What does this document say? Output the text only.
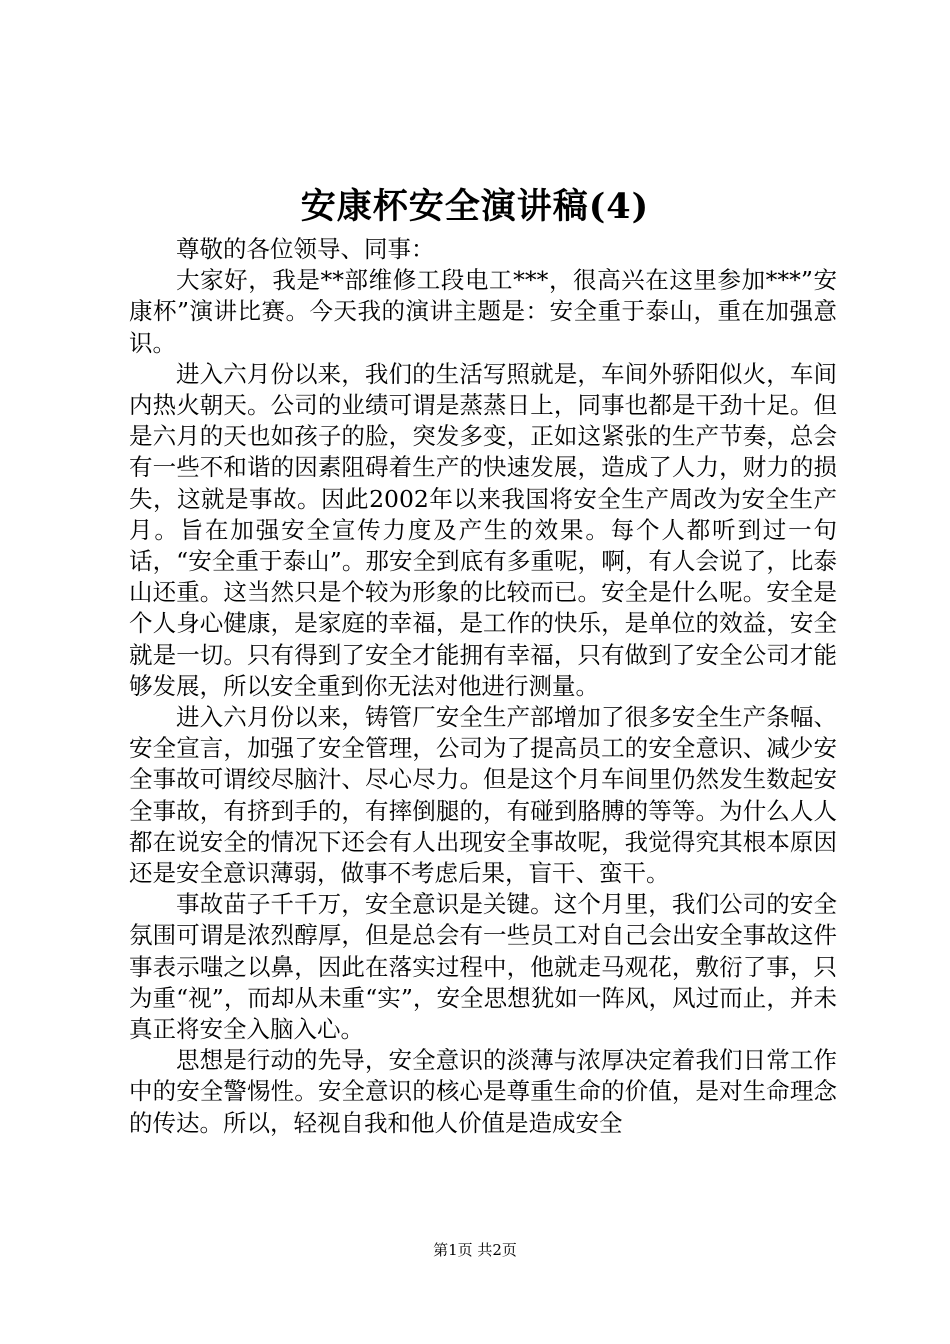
安康杯安全演讲稿(4)

尊敬的各位领导、同事：

大家好，我是**部维修工段电工***，很高兴在这里参加***”安康杯”演讲比赛。今天我的演讲主题是：安全重于泰山，重在加强意识。

进入六月份以来，我们的生活写照就是，车间外骄阳似火，车间内热火朝天。公司的业绩可谓是蒸蒸日上，同事也都是干劲十足。但是六月的天也如孩子的脸，突发多变，正如这紧张的生产节奏，总会有一些不和谐的因素阻碍着生产的快速发展，造成了人力，财力的损失，这就是事故。因此2002年以来我国将安全生产周改为安全生产月。旨在加强安全宣传力度及产生的效果。每个人都听到过一句话，“安全重于泰山”。那安全到底有多重呢，啊，有人会说了，比泰山还重。这当然只是个较为形象的比较而已。安全是什么呢。安全是个人身心健康，是家庭的幸福，是工作的快乐，是单位的效益，安全就是一切。只有得到了安全才能拥有幸福，只有做到了安全公司才能够发展，所以安全重到你无法对他进行测量。

进入六月份以来，铸管厂安全生产部增加了很多安全生产条幅、安全宣言，加强了安全管理，公司为了提高员工的安全意识、减少安全事故可谓绞尽脑汁、尽心尽力。但是这个月车间里仍然发生数起安全事故，有挤到手的，有摔倒腿的，有碰到胳膊的等等。为什么人人都在说安全的情况下还会有人出现安全事故呢，我觉得究其根本原因还是安全意识薄弱，做事不考虑后果，盲干、蛮干。

事故苗子千千万，安全意识是关键。这个月里，我们公司的安全氛围可谓是浓烈醇厚，但是总会有一些员工对自己会出安全事故这件事表示嗤之以鼻，因此在落实过程中，他就走马观花，敷衍了事，只为重“视”，而却从未重“实”，安全思想犹如一阵风，风过而止，并未真正将安全入脑入心。

思想是行动的先导，安全意识的淡薄与浓厚决定着我们日常工作中的安全警惕性。安全意识的核心是尊重生命的价值，是对生命理念的传达。所以，轻视自我和他人价值是造成安全

第1页 共2页
